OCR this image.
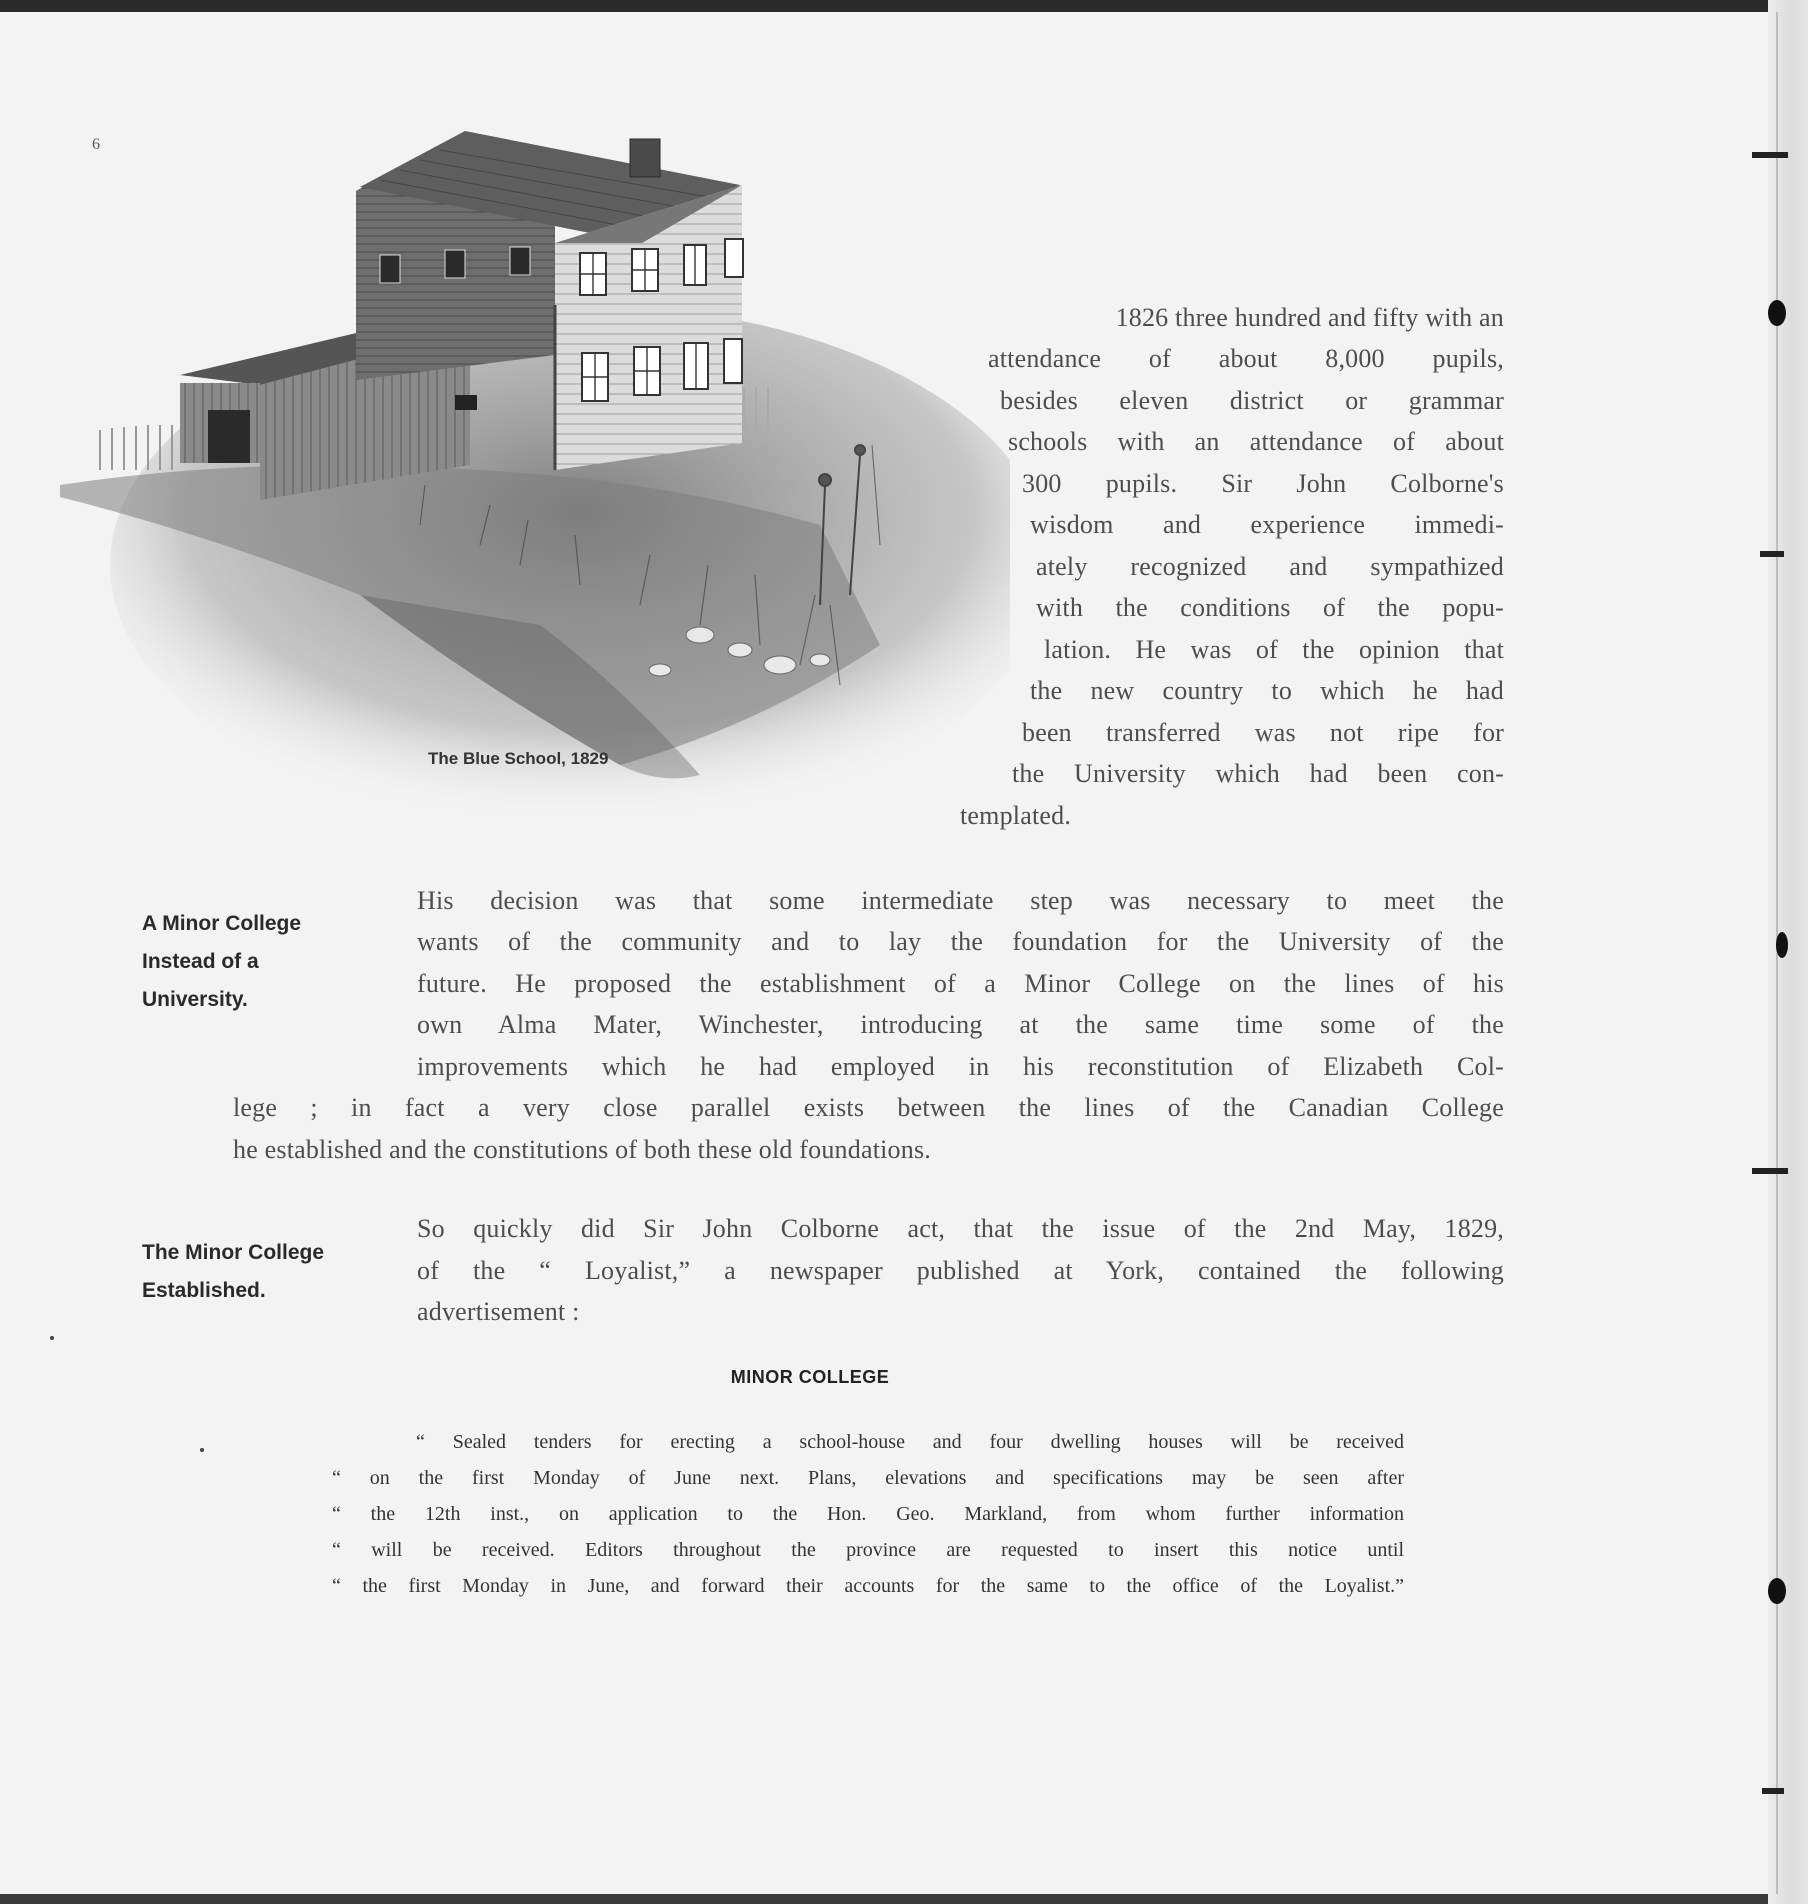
6
The Blue School, 1829
1826 three hundred and fifty with an
attendance of about 8,000 pupils,
besides eleven district or grammar
schools with an attendance of about
300 pupils. Sir John Colborne's
wisdom and experience immedi-
ately recognized and sympathized
with the conditions of the popu-
lation. He was of the opinion that
the new country to which he had
been transferred was not ripe for
the University which had been con-
templated.
A Minor College
Instead of a
University.
His decision was that some intermediate step was necessary to meet the
wants of the community and to lay the foundation for the University of the
future. He proposed the establishment of a Minor College on the lines of his
own Alma Mater, Winchester, introducing at the same time some of the
improvements which he had employed in his reconstitution of Elizabeth Col-
lege ; in fact a very close parallel exists between the lines of the Canadian College
he established and the constitutions of both these old foundations.
The Minor College
Established.
So quickly did Sir John Colborne act, that the issue of the 2nd May, 1829,
of the “ Loyalist,” a newspaper published at York, contained the following
advertisement :
MINOR COLLEGE
“ Sealed tenders for erecting a school-house and four dwelling houses will be received
“ on the first Monday of June next. Plans, elevations and specifications may be seen after
“ the 12th inst., on application to the Hon. Geo. Markland, from whom further information
“ will be received. Editors throughout the province are requested to insert this notice until
“ the first Monday in June, and forward their accounts for the same to the office of the Loyalist.”
